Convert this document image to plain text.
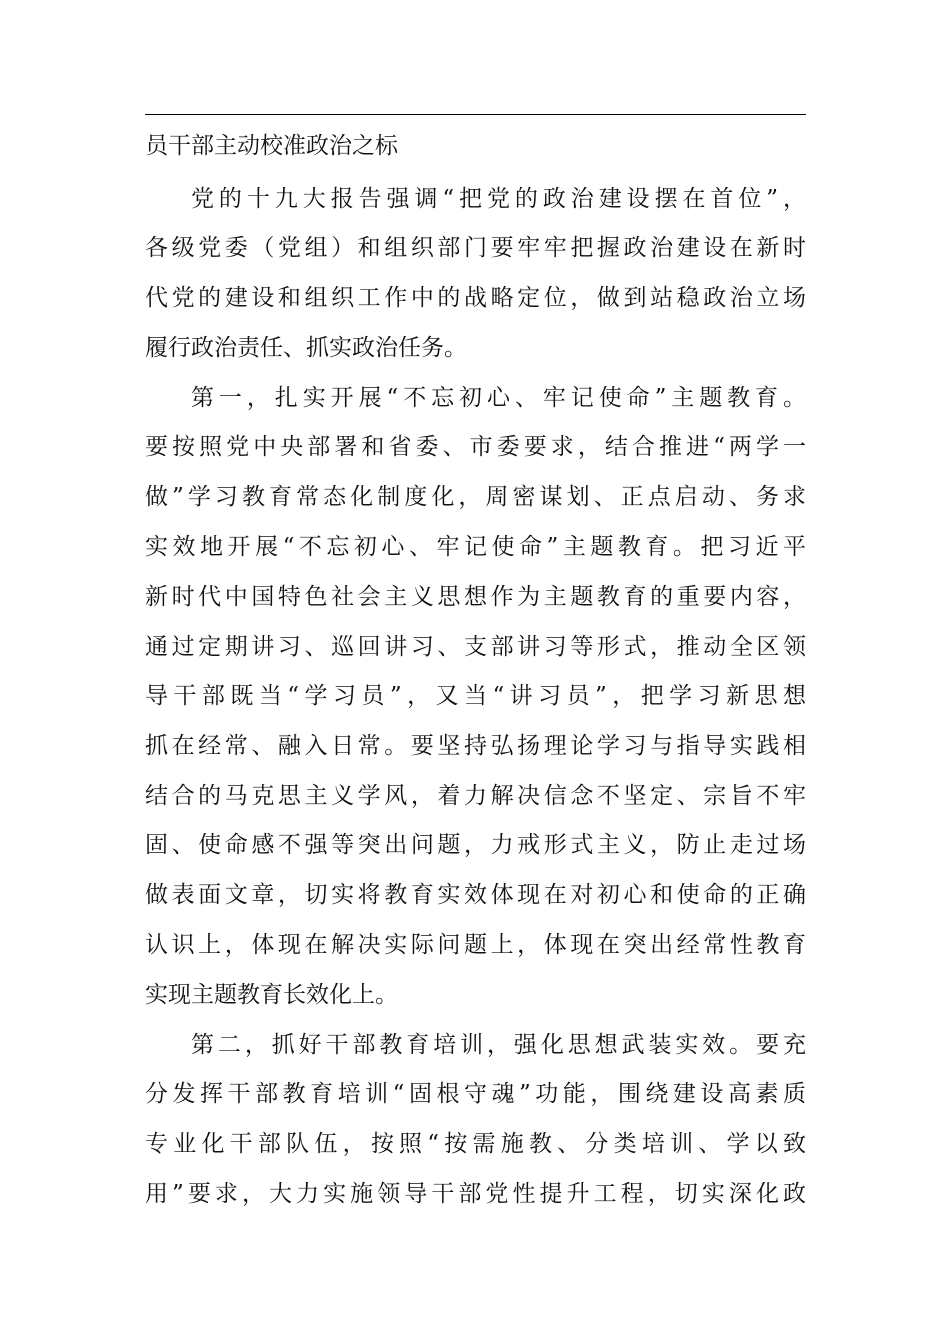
员干部主动校准政治之标
党的十九大报告强调“把党的政治建设摆在首位”，
各级党委（党组）和组织部门要牢牢把握政治建设在新时
代党的建设和组织工作中的战略定位，做到站稳政治立场
履行政治责任、抓实政治任务。
第一，扎实开展“不忘初心、牢记使命”主题教育。
要按照党中央部署和省委、市委要求，结合推进“两学一
做”学习教育常态化制度化，周密谋划、正点启动、务求
实效地开展“不忘初心、牢记使命”主题教育。把习近平
新时代中国特色社会主义思想作为主题教育的重要内容，
通过定期讲习、巡回讲习、支部讲习等形式，推动全区领
导干部既当“学习员”，又当“讲习员”，把学习新思想
抓在经常、融入日常。要坚持弘扬理论学习与指导实践相
结合的马克思主义学风，着力解决信念不坚定、宗旨不牢
固、使命感不强等突出问题，力戒形式主义，防止走过场
做表面文章，切实将教育实效体现在对初心和使命的正确
认识上，体现在解决实际问题上，体现在突出经常性教育
实现主题教育长效化上。
第二，抓好干部教育培训，强化思想武装实效。要充
分发挥干部教育培训“固根守魂”功能，围绕建设高素质
专业化干部队伍，按照“按需施教、分类培训、学以致
用”要求，大力实施领导干部党性提升工程，切实深化政
